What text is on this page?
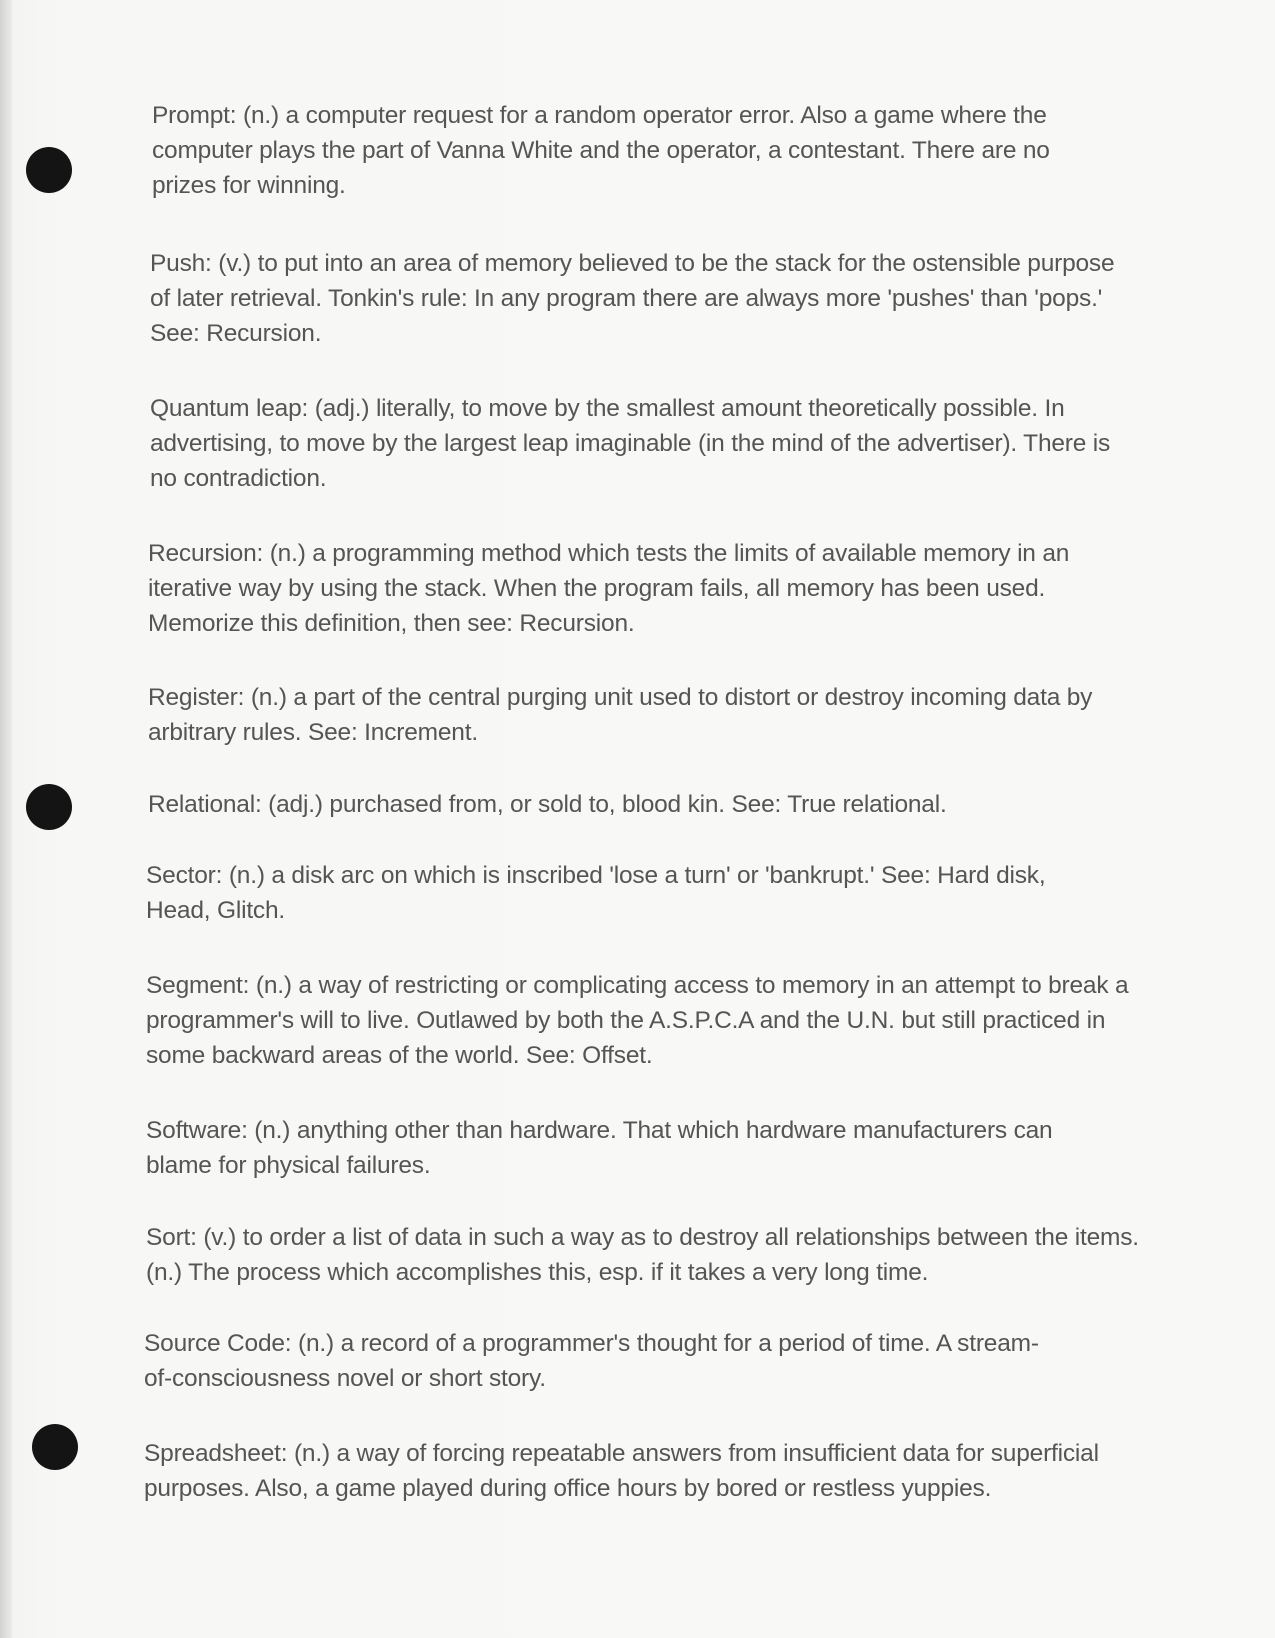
Prompt: (n.) a computer request for a random operator error. Also a game where the computer plays the part of Vanna White and the operator, a contestant. There are no prizes for winning.

Push: (v.) to put into an area of memory believed to be the stack for the ostensible purpose of later retrieval. Tonkin's rule: In any program there are always more 'pushes' than 'pops.' See: Recursion.

Quantum leap: (adj.) literally, to move by the smallest amount theoretically possible. In advertising, to move by the largest leap imaginable (in the mind of the advertiser). There is no contradiction.

Recursion: (n.) a programming method which tests the limits of available memory in an iterative way by using the stack. When the program fails, all memory has been used. Memorize this definition, then see: Recursion.

Register: (n.) a part of the central purging unit used to distort or destroy incoming data by arbitrary rules. See: Increment.

Relational: (adj.) purchased from, or sold to, blood kin. See: True relational.

Sector: (n.) a disk arc on which is inscribed 'lose a turn' or 'bankrupt.' See: Hard disk, Head, Glitch.

Segment: (n.) a way of restricting or complicating access to memory in an attempt to break a programmer's will to live. Outlawed by both the A.S.P.C.A and the U.N. but still practiced in some backward areas of the world. See: Offset.

Software: (n.) anything other than hardware. That which hardware manufacturers can blame for physical failures.

Sort: (v.) to order a list of data in such a way as to destroy all relationships between the items. (n.) The process which accomplishes this, esp. if it takes a very long time.

Source Code: (n.) a record of a programmer's thought for a period of time. A stream-of-consciousness novel or short story.

Spreadsheet: (n.) a way of forcing repeatable answers from insufficient data for superficial purposes. Also, a game played during office hours by bored or restless yuppies.
